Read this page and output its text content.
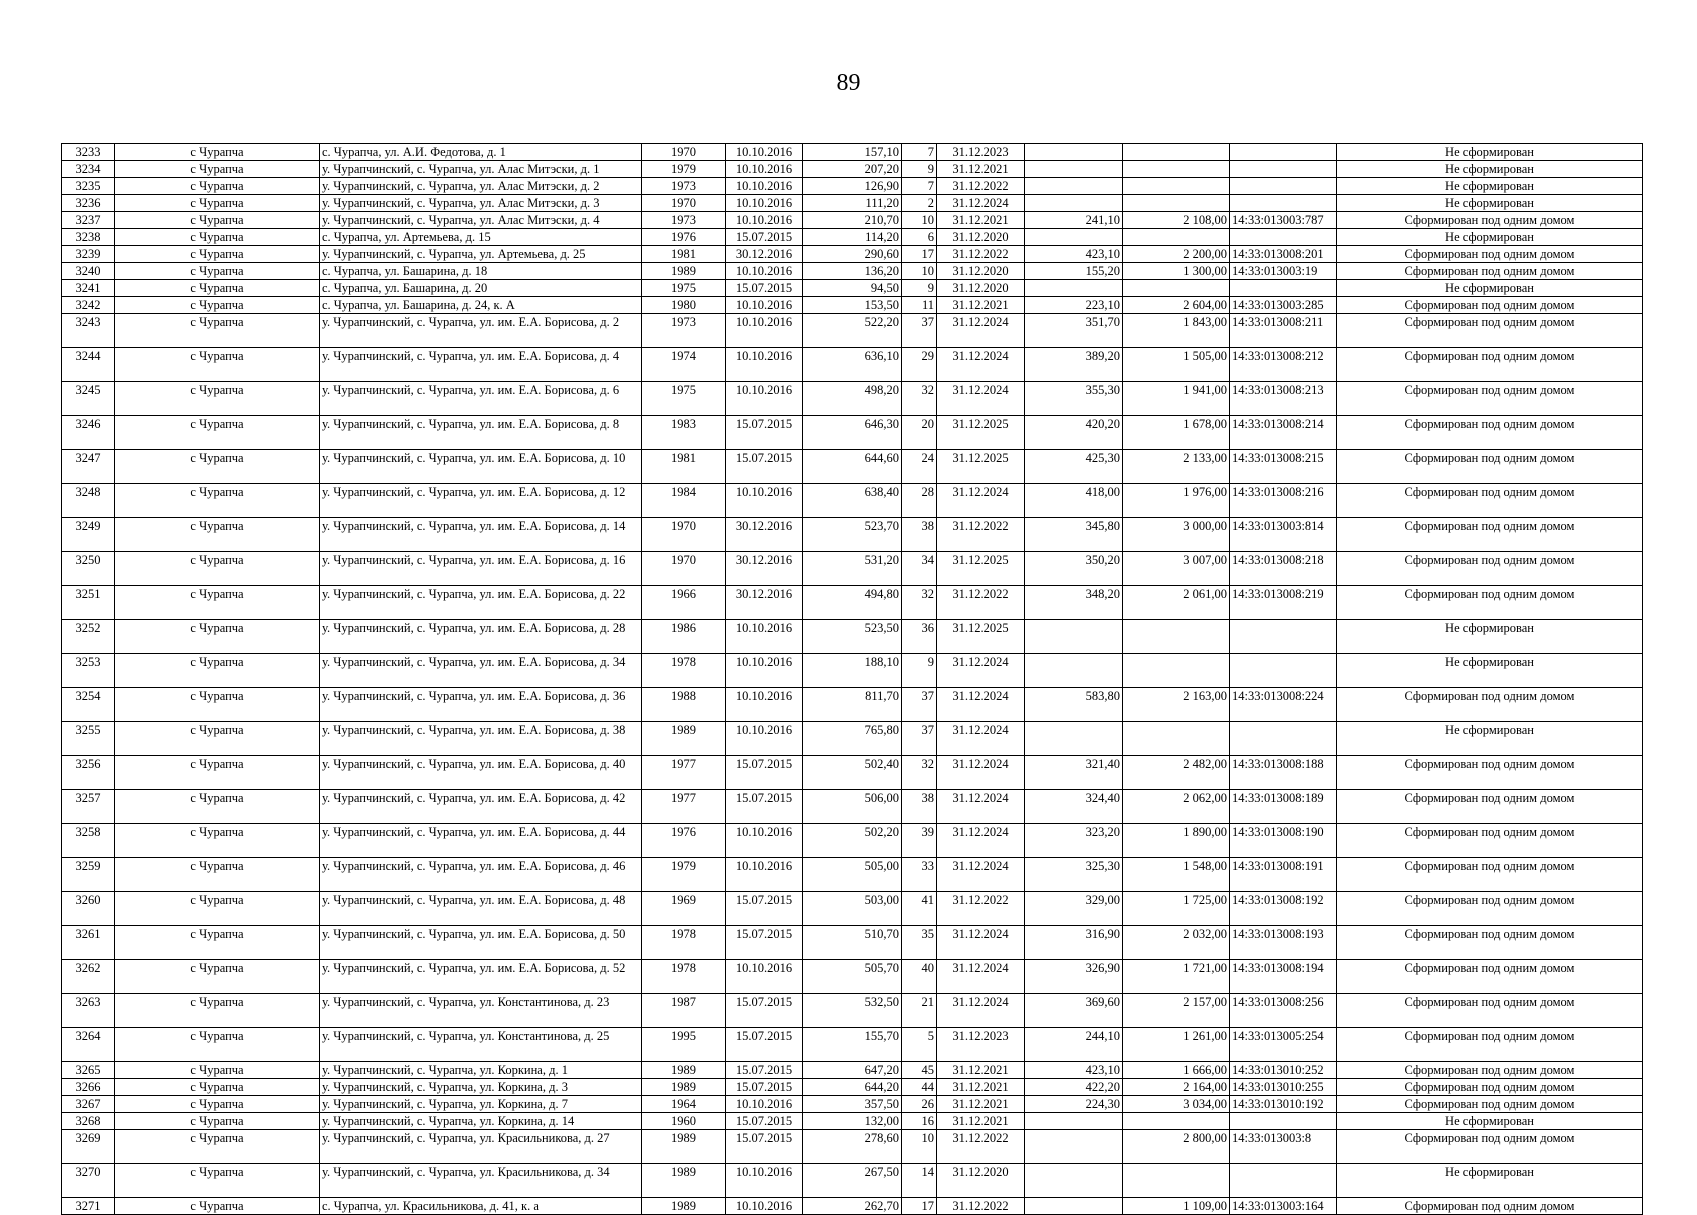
89
3233	с Чурапча	с. Чурапча, ул. А.И. Федотова, д. 1	1970	10.10.2016	157,10	7	31.12.2023				Не сформирован
3234	с Чурапча	у. Чурапчинский, с. Чурапча, ул. Алас Митэски, д. 1	1979	10.10.2016	207,20	9	31.12.2021				Не сформирован
3235	с Чурапча	у. Чурапчинский, с. Чурапча, ул. Алас Митэски, д. 2	1973	10.10.2016	126,90	7	31.12.2022				Не сформирован
3236	с Чурапча	у. Чурапчинский, с. Чурапча, ул. Алас Митэски, д. 3	1970	10.10.2016	111,20	2	31.12.2024				Не сформирован
3237	с Чурапча	у. Чурапчинский, с. Чурапча, ул. Алас Митэски, д. 4	1973	10.10.2016	210,70	10	31.12.2021	241,10	2 108,00	14:33:013003:787	Сформирован под одним домом
3238	с Чурапча	с. Чурапча, ул. Артемьева, д. 15	1976	15.07.2015	114,20	6	31.12.2020				Не сформирован
3239	с Чурапча	у. Чурапчинский, с. Чурапча, ул. Артемьева, д. 25	1981	30.12.2016	290,60	17	31.12.2022	423,10	2 200,00	14:33:013008:201	Сформирован под одним домом
3240	с Чурапча	с. Чурапча, ул. Башарина, д. 18	1989	10.10.2016	136,20	10	31.12.2020	155,20	1 300,00	14:33:013003:19	Сформирован под одним домом
3241	с Чурапча	с. Чурапча, ул. Башарина, д. 20	1975	15.07.2015	94,50	9	31.12.2020				Не сформирован
3242	с Чурапча	с. Чурапча, ул. Башарина, д. 24, к. А	1980	10.10.2016	153,50	11	31.12.2021	223,10	2 604,00	14:33:013003:285	Сформирован под одним домом
3243	с Чурапча	у. Чурапчинский, с. Чурапча, ул. им. Е.А. Борисова, д. 2	1973	10.10.2016	522,20	37	31.12.2024	351,70	1 843,00	14:33:013008:211	Сформирован под одним домом
3244	с Чурапча	у. Чурапчинский, с. Чурапча, ул. им. Е.А. Борисова, д. 4	1974	10.10.2016	636,10	29	31.12.2024	389,20	1 505,00	14:33:013008:212	Сформирован под одним домом
3245	с Чурапча	у. Чурапчинский, с. Чурапча, ул. им. Е.А. Борисова, д. 6	1975	10.10.2016	498,20	32	31.12.2024	355,30	1 941,00	14:33:013008:213	Сформирован под одним домом
3246	с Чурапча	у. Чурапчинский, с. Чурапча, ул. им. Е.А. Борисова, д. 8	1983	15.07.2015	646,30	20	31.12.2025	420,20	1 678,00	14:33:013008:214	Сформирован под одним домом
3247	с Чурапча	у. Чурапчинский, с. Чурапча, ул. им. Е.А. Борисова, д. 10	1981	15.07.2015	644,60	24	31.12.2025	425,30	2 133,00	14:33:013008:215	Сформирован под одним домом
3248	с Чурапча	у. Чурапчинский, с. Чурапча, ул. им. Е.А. Борисова, д. 12	1984	10.10.2016	638,40	28	31.12.2024	418,00	1 976,00	14:33:013008:216	Сформирован под одним домом
3249	с Чурапча	у. Чурапчинский, с. Чурапча, ул. им. Е.А. Борисова, д. 14	1970	30.12.2016	523,70	38	31.12.2022	345,80	3 000,00	14:33:013003:814	Сформирован под одним домом
3250	с Чурапча	у. Чурапчинский, с. Чурапча, ул. им. Е.А. Борисова, д. 16	1970	30.12.2016	531,20	34	31.12.2025	350,20	3 007,00	14:33:013008:218	Сформирован под одним домом
3251	с Чурапча	у. Чурапчинский, с. Чурапча, ул. им. Е.А. Борисова, д. 22	1966	30.12.2016	494,80	32	31.12.2022	348,20	2 061,00	14:33:013008:219	Сформирован под одним домом
3252	с Чурапча	у. Чурапчинский, с. Чурапча, ул. им. Е.А. Борисова, д. 28	1986	10.10.2016	523,50	36	31.12.2025				Не сформирован
3253	с Чурапча	у. Чурапчинский, с. Чурапча, ул. им. Е.А. Борисова, д. 34	1978	10.10.2016	188,10	9	31.12.2024				Не сформирован
3254	с Чурапча	у. Чурапчинский, с. Чурапча, ул. им. Е.А. Борисова, д. 36	1988	10.10.2016	811,70	37	31.12.2024	583,80	2 163,00	14:33:013008:224	Сформирован под одним домом
3255	с Чурапча	у. Чурапчинский, с. Чурапча, ул. им. Е.А. Борисова, д. 38	1989	10.10.2016	765,80	37	31.12.2024				Не сформирован
3256	с Чурапча	у. Чурапчинский, с. Чурапча, ул. им. Е.А. Борисова, д. 40	1977	15.07.2015	502,40	32	31.12.2024	321,40	2 482,00	14:33:013008:188	Сформирован под одним домом
3257	с Чурапча	у. Чурапчинский, с. Чурапча, ул. им. Е.А. Борисова, д. 42	1977	15.07.2015	506,00	38	31.12.2024	324,40	2 062,00	14:33:013008:189	Сформирован под одним домом
3258	с Чурапча	у. Чурапчинский, с. Чурапча, ул. им. Е.А. Борисова, д. 44	1976	10.10.2016	502,20	39	31.12.2024	323,20	1 890,00	14:33:013008:190	Сформирован под одним домом
3259	с Чурапча	у. Чурапчинский, с. Чурапча, ул. им. Е.А. Борисова, д. 46	1979	10.10.2016	505,00	33	31.12.2024	325,30	1 548,00	14:33:013008:191	Сформирован под одним домом
3260	с Чурапча	у. Чурапчинский, с. Чурапча, ул. им. Е.А. Борисова, д. 48	1969	15.07.2015	503,00	41	31.12.2022	329,00	1 725,00	14:33:013008:192	Сформирован под одним домом
3261	с Чурапча	у. Чурапчинский, с. Чурапча, ул. им. Е.А. Борисова, д. 50	1978	15.07.2015	510,70	35	31.12.2024	316,90	2 032,00	14:33:013008:193	Сформирован под одним домом
3262	с Чурапча	у. Чурапчинский, с. Чурапча, ул. им. Е.А. Борисова, д. 52	1978	10.10.2016	505,70	40	31.12.2024	326,90	1 721,00	14:33:013008:194	Сформирован под одним домом
3263	с Чурапча	у. Чурапчинский, с. Чурапча, ул. Константинова, д. 23	1987	15.07.2015	532,50	21	31.12.2024	369,60	2 157,00	14:33:013008:256	Сформирован под одним домом
3264	с Чурапча	у. Чурапчинский, с. Чурапча, ул. Константинова, д. 25	1995	15.07.2015	155,70	5	31.12.2023	244,10	1 261,00	14:33:013005:254	Сформирован под одним домом
3265	с Чурапча	у. Чурапчинский, с. Чурапча, ул. Коркина, д. 1	1989	15.07.2015	647,20	45	31.12.2021	423,10	1 666,00	14:33:013010:252	Сформирован под одним домом
3266	с Чурапча	у. Чурапчинский, с. Чурапча, ул. Коркина, д. 3	1989	15.07.2015	644,20	44	31.12.2021	422,20	2 164,00	14:33:013010:255	Сформирован под одним домом
3267	с Чурапча	у. Чурапчинский, с. Чурапча, ул. Коркина, д. 7	1964	10.10.2016	357,50	26	31.12.2021	224,30	3 034,00	14:33:013010:192	Сформирован под одним домом
3268	с Чурапча	у. Чурапчинский, с. Чурапча, ул. Коркина, д. 14	1960	15.07.2015	132,00	16	31.12.2021				Не сформирован
3269	с Чурапча	у. Чурапчинский, с. Чурапча, ул. Красильникова, д. 27	1989	15.07.2015	278,60	10	31.12.2022		2 800,00	14:33:013003:8	Сформирован под одним домом
3270	с Чурапча	у. Чурапчинский, с. Чурапча, ул. Красильникова, д. 34	1989	10.10.2016	267,50	14	31.12.2020				Не сформирован
3271	с Чурапча	с. Чурапча, ул. Красильникова, д. 41, к. а	1989	10.10.2016	262,70	17	31.12.2022		1 109,00	14:33:013003:164	Сформирован под одним домом
